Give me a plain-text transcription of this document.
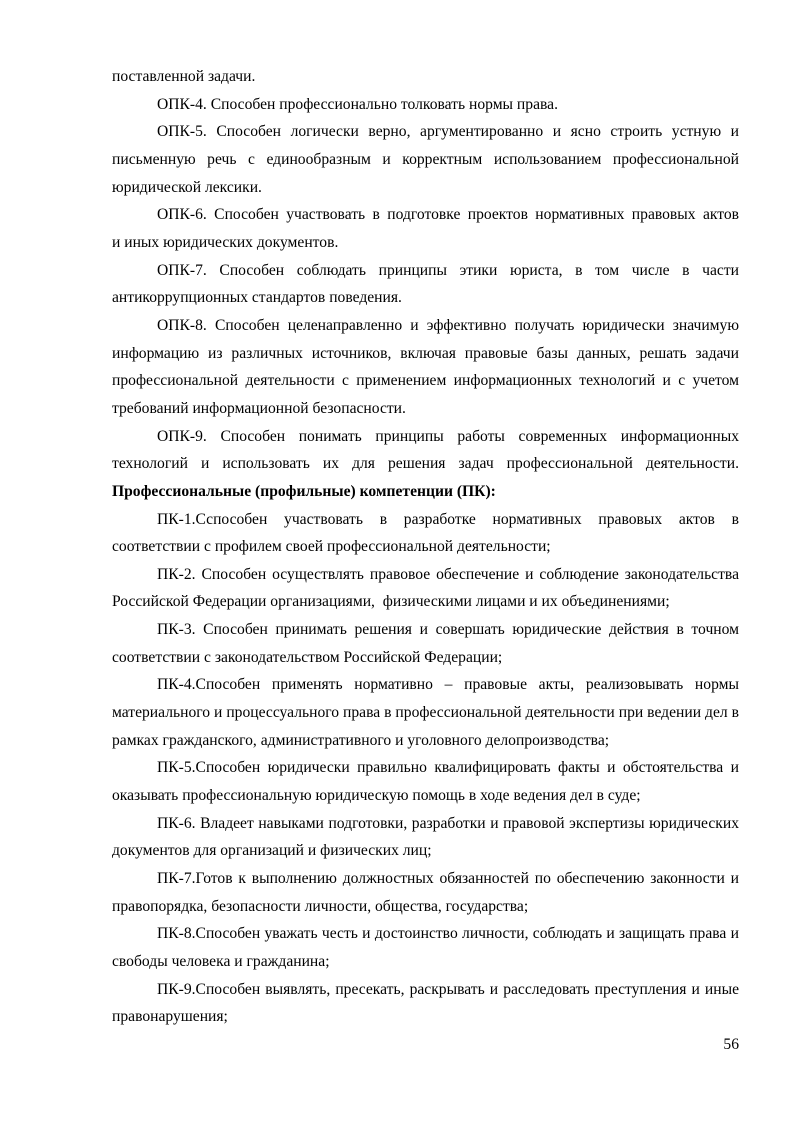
поставленной задачи.
ОПК-4. Способен профессионально толковать нормы права.
ОПК-5. Способен логически верно, аргументированно и ясно строить устную и
письменную речь с единообразным и корректным использованием профессиональной
юридической лексики.
ОПК-6. Способен участвовать в подготовке проектов нормативных правовых актов
и иных юридических документов.
ОПК-7. Способен соблюдать принципы этики юриста, в том числе в части
антикоррупционных стандартов поведения.
ОПК-8. Способен целенаправленно и эффективно получать юридически значимую
информацию из различных источников, включая правовые базы данных, решать задачи
профессиональной деятельности с применением информационных технологий и с учетом
требований информационной безопасности.
ОПК-9. Способен понимать принципы работы современных информационных
технологий и использовать их для решения задач профессиональной деятельности.
Профессиональные (профильные) компетенции (ПК):
ПК-1.Сспособен участвовать в разработке нормативных правовых актов в
соответствии с профилем своей профессиональной деятельности;
ПК-2. Способен осуществлять правовое обеспечение и соблюдение законодательства
Российской Федерации организациями,  физическими лицами и их объединениями;
ПК-3. Способен принимать решения и совершать юридические действия в точном
соответствии с законодательством Российской Федерации;
ПК-4.Способен применять нормативно – правовые акты, реализовывать нормы
материального и процессуального права в профессиональной деятельности при ведении дел в
рамках гражданского, административного и уголовного делопроизводства;
ПК-5.Способен юридически правильно квалифицировать факты и обстоятельства и
оказывать профессиональную юридическую помощь в ходе ведения дел в суде;
ПК-6. Владеет навыками подготовки, разработки и правовой экспертизы юридических
документов для организаций и физических лиц;
ПК-7.Готов к выполнению должностных обязанностей по обеспечению законности и
правопорядка, безопасности личности, общества, государства;
ПК-8.Способен уважать честь и достоинство личности, соблюдать и защищать права и
свободы человека и гражданина;
ПК-9.Способен выявлять, пресекать, раскрывать и расследовать преступления и иные
правонарушения;
56
